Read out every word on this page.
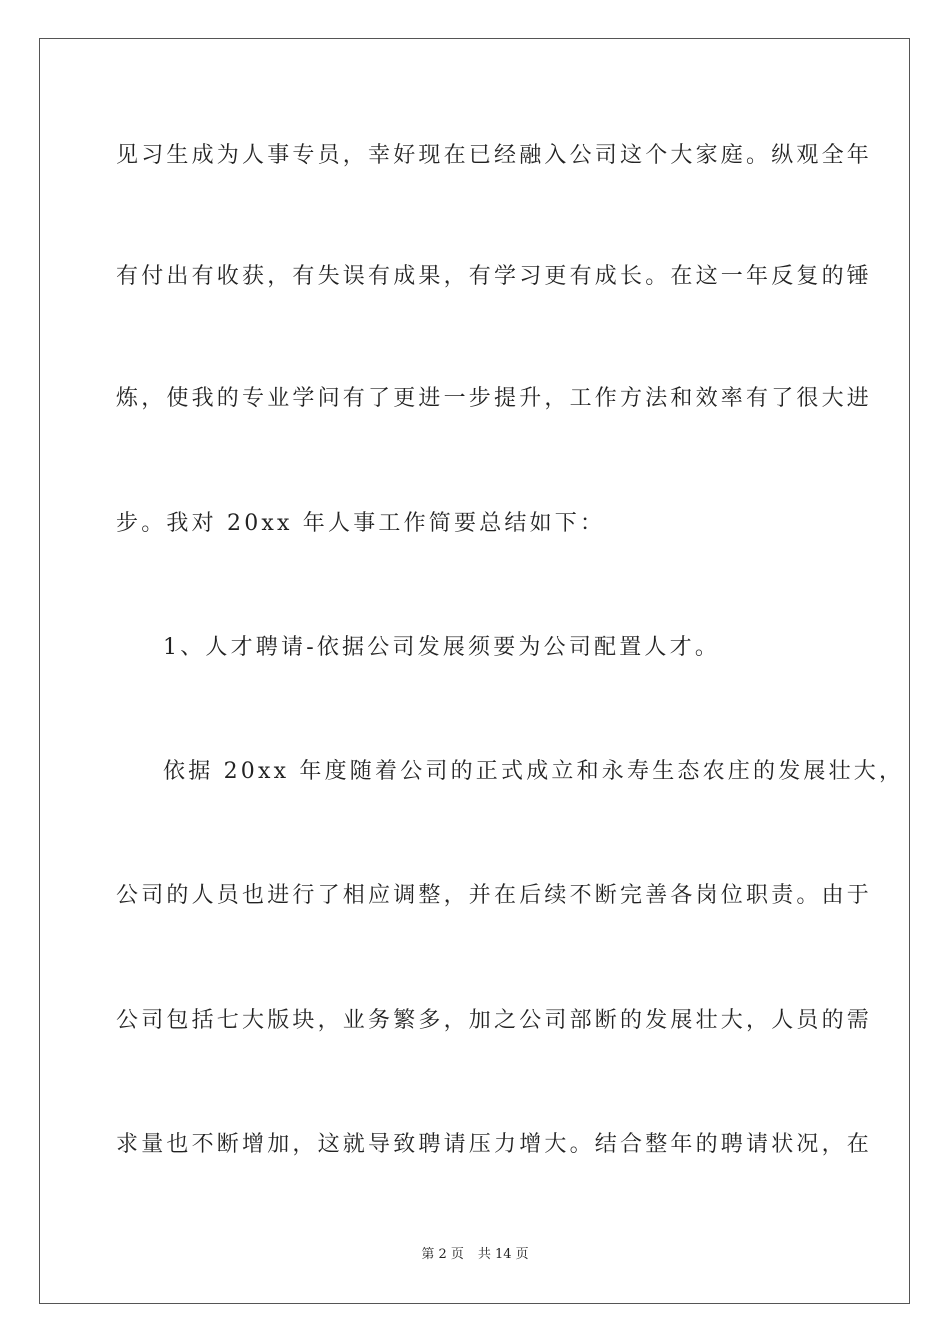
见习生成为人事专员，幸好现在已经融入公司这个大家庭。纵观全年
有付出有收获，有失误有成果，有学习更有成长。在这一年反复的锤
炼，使我的专业学问有了更进一步提升，工作方法和效率有了很大进
步。我对 20xx 年人事工作简要总结如下：
1、人才聘请-依据公司发展须要为公司配置人才。
依据 20xx 年度随着公司的正式成立和永寿生态农庄的发展壮大，
公司的人员也进行了相应调整，并在后续不断完善各岗位职责。由于
公司包括七大版块，业务繁多，加之公司部断的发展壮大，人员的需
求量也不断增加，这就导致聘请压力增大。结合整年的聘请状况，在
第 2 页 共 14 页
